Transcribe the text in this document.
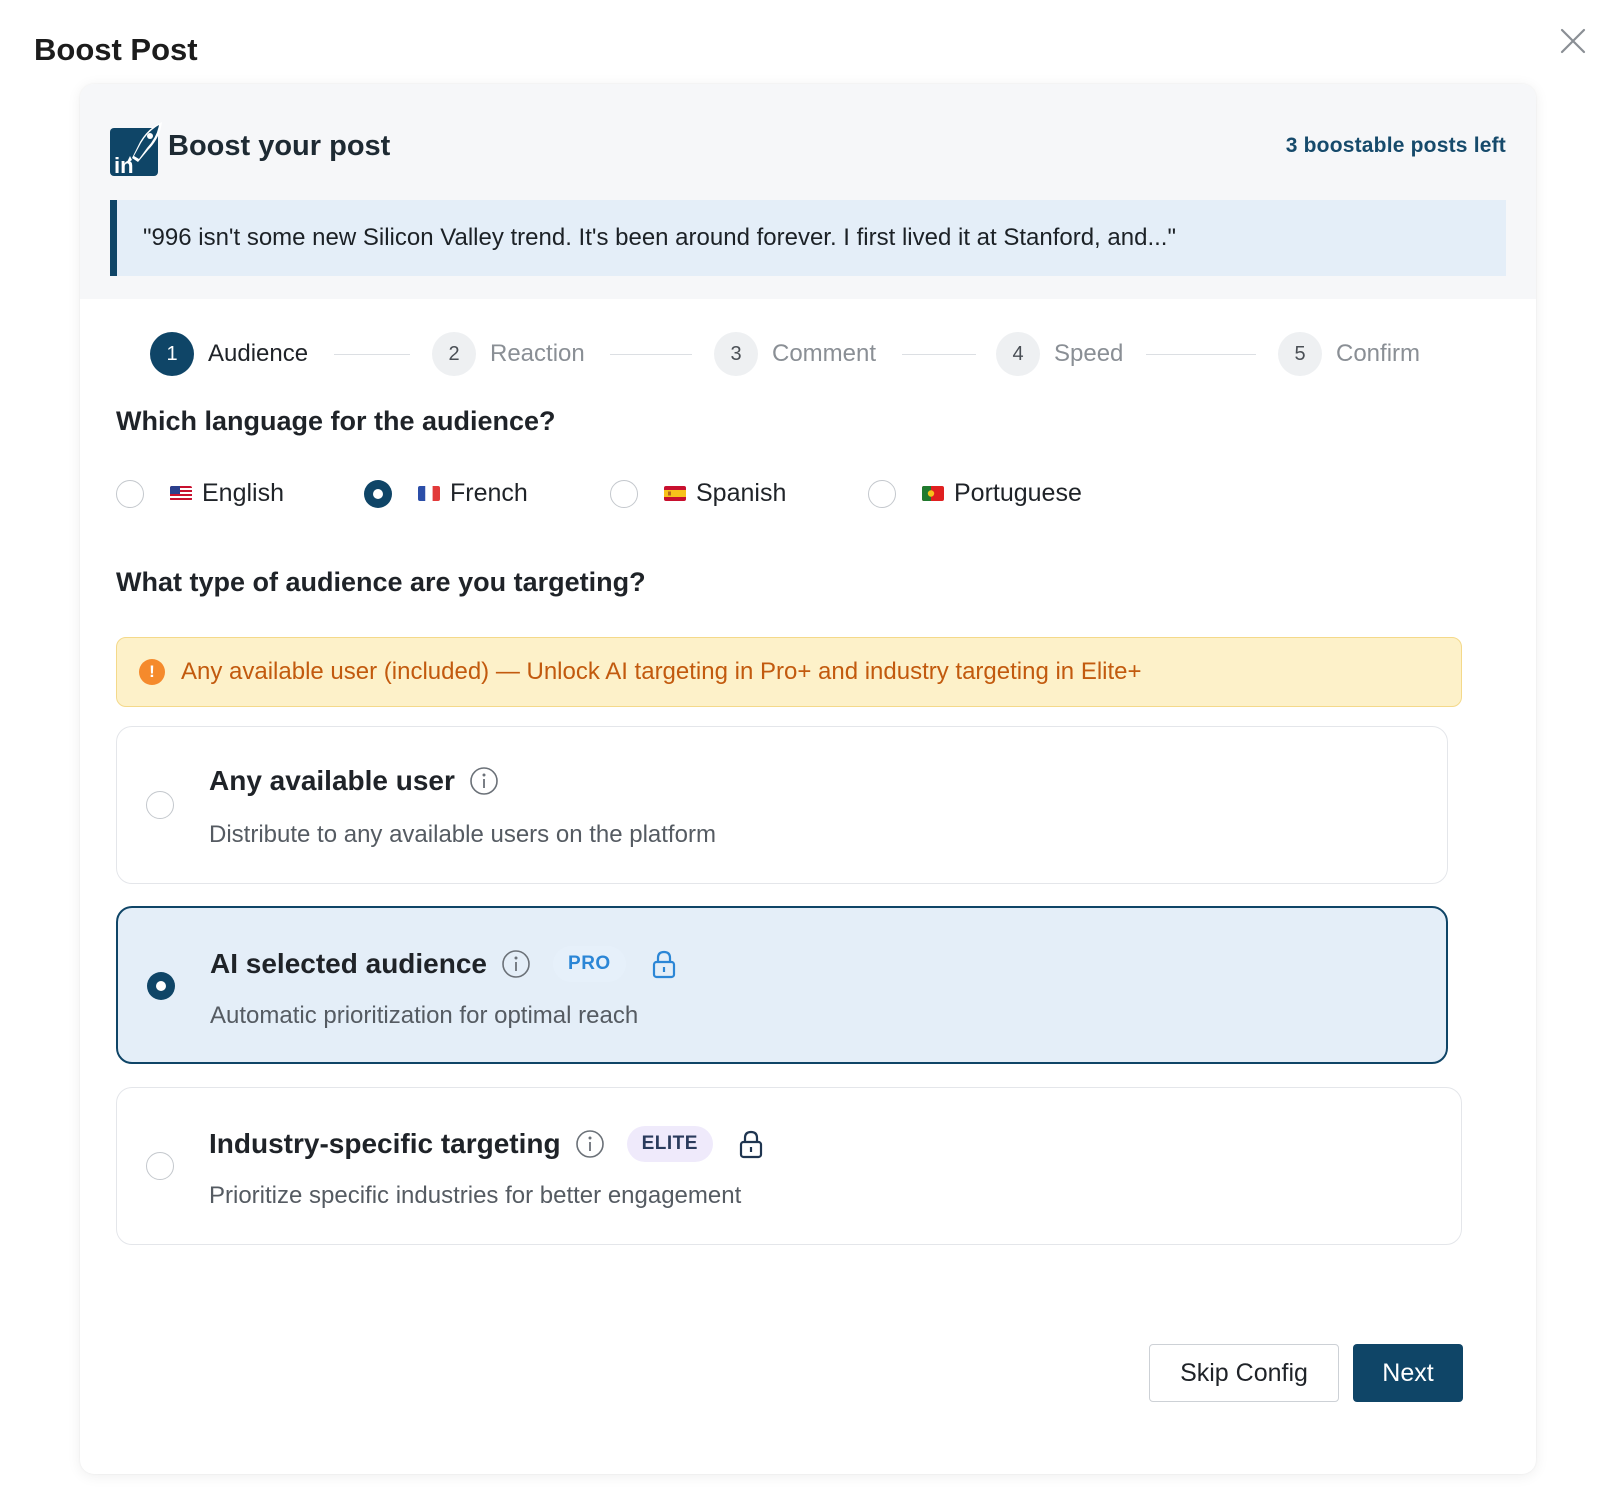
Boost Post
in
Boost your post	3 boostable posts left
"996 isn't some new Silicon Valley trend. It's been around forever. I first lived it at Stanford, and..."
1	Audience	2	Reaction	3	Comment	4	Speed	5	Confirm
Which language for the audience?
English	French	Spanish	Portuguese
What type of audience are you targeting?
!	Any available user (included) — Unlock AI targeting in Pro+ and industry targeting in Elite+
Any available user
Distribute to any available users on the platform
AI selected audience	PRO
Automatic prioritization for optimal reach
Industry-specific targeting	ELITE
Prioritize specific industries for better engagement
Skip Config	Next
